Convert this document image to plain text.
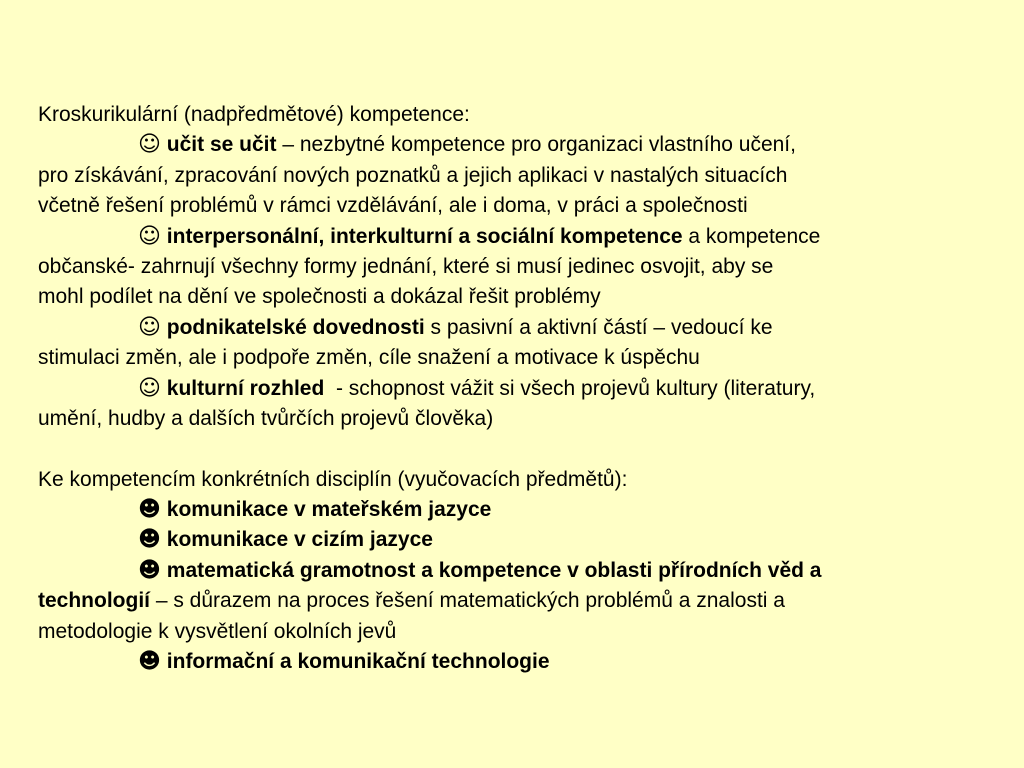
Kroskurikulární (nadpředmětové) kompetence:
☺ učit se učit – nezbytné kompetence pro organizaci vlastního učení,
pro získávání, zpracování nových poznatků a jejich aplikaci v nastalých situacích
včetně řešení problémů v rámci vzdělávání, ale i doma, v práci a společnosti
☺ interpersonální, interkulturní a sociální kompetence a kompetence
občanské- zahrnují všechny formy jednání, které si musí jedinec osvojit, aby se
mohl podílet na dění ve společnosti a dokázal řešit problémy
☺ podnikatelské dovednosti s pasivní a aktivní částí – vedoucí ke
stimulaci změn, ale i podpoře změn, cíle snažení a motivace k úspěchu
☺ kulturní rozhled  - schopnost vážit si všech projevů kultury (literatury,
umění, hudby a dalších tvůrčích projevů člověka)
Ke kompetencím konkrétních disciplín (vyučovacích předmětů):
☻ komunikace v mateřském jazyce
☻ komunikace v cizím jazyce
☻ matematická gramotnost a kompetence v oblasti přírodních věd a
technologií – s důrazem na proces řešení matematických problémů a znalosti a
metodologie k vysvětlení okolních jevů
☻ informační a komunikační technologie
